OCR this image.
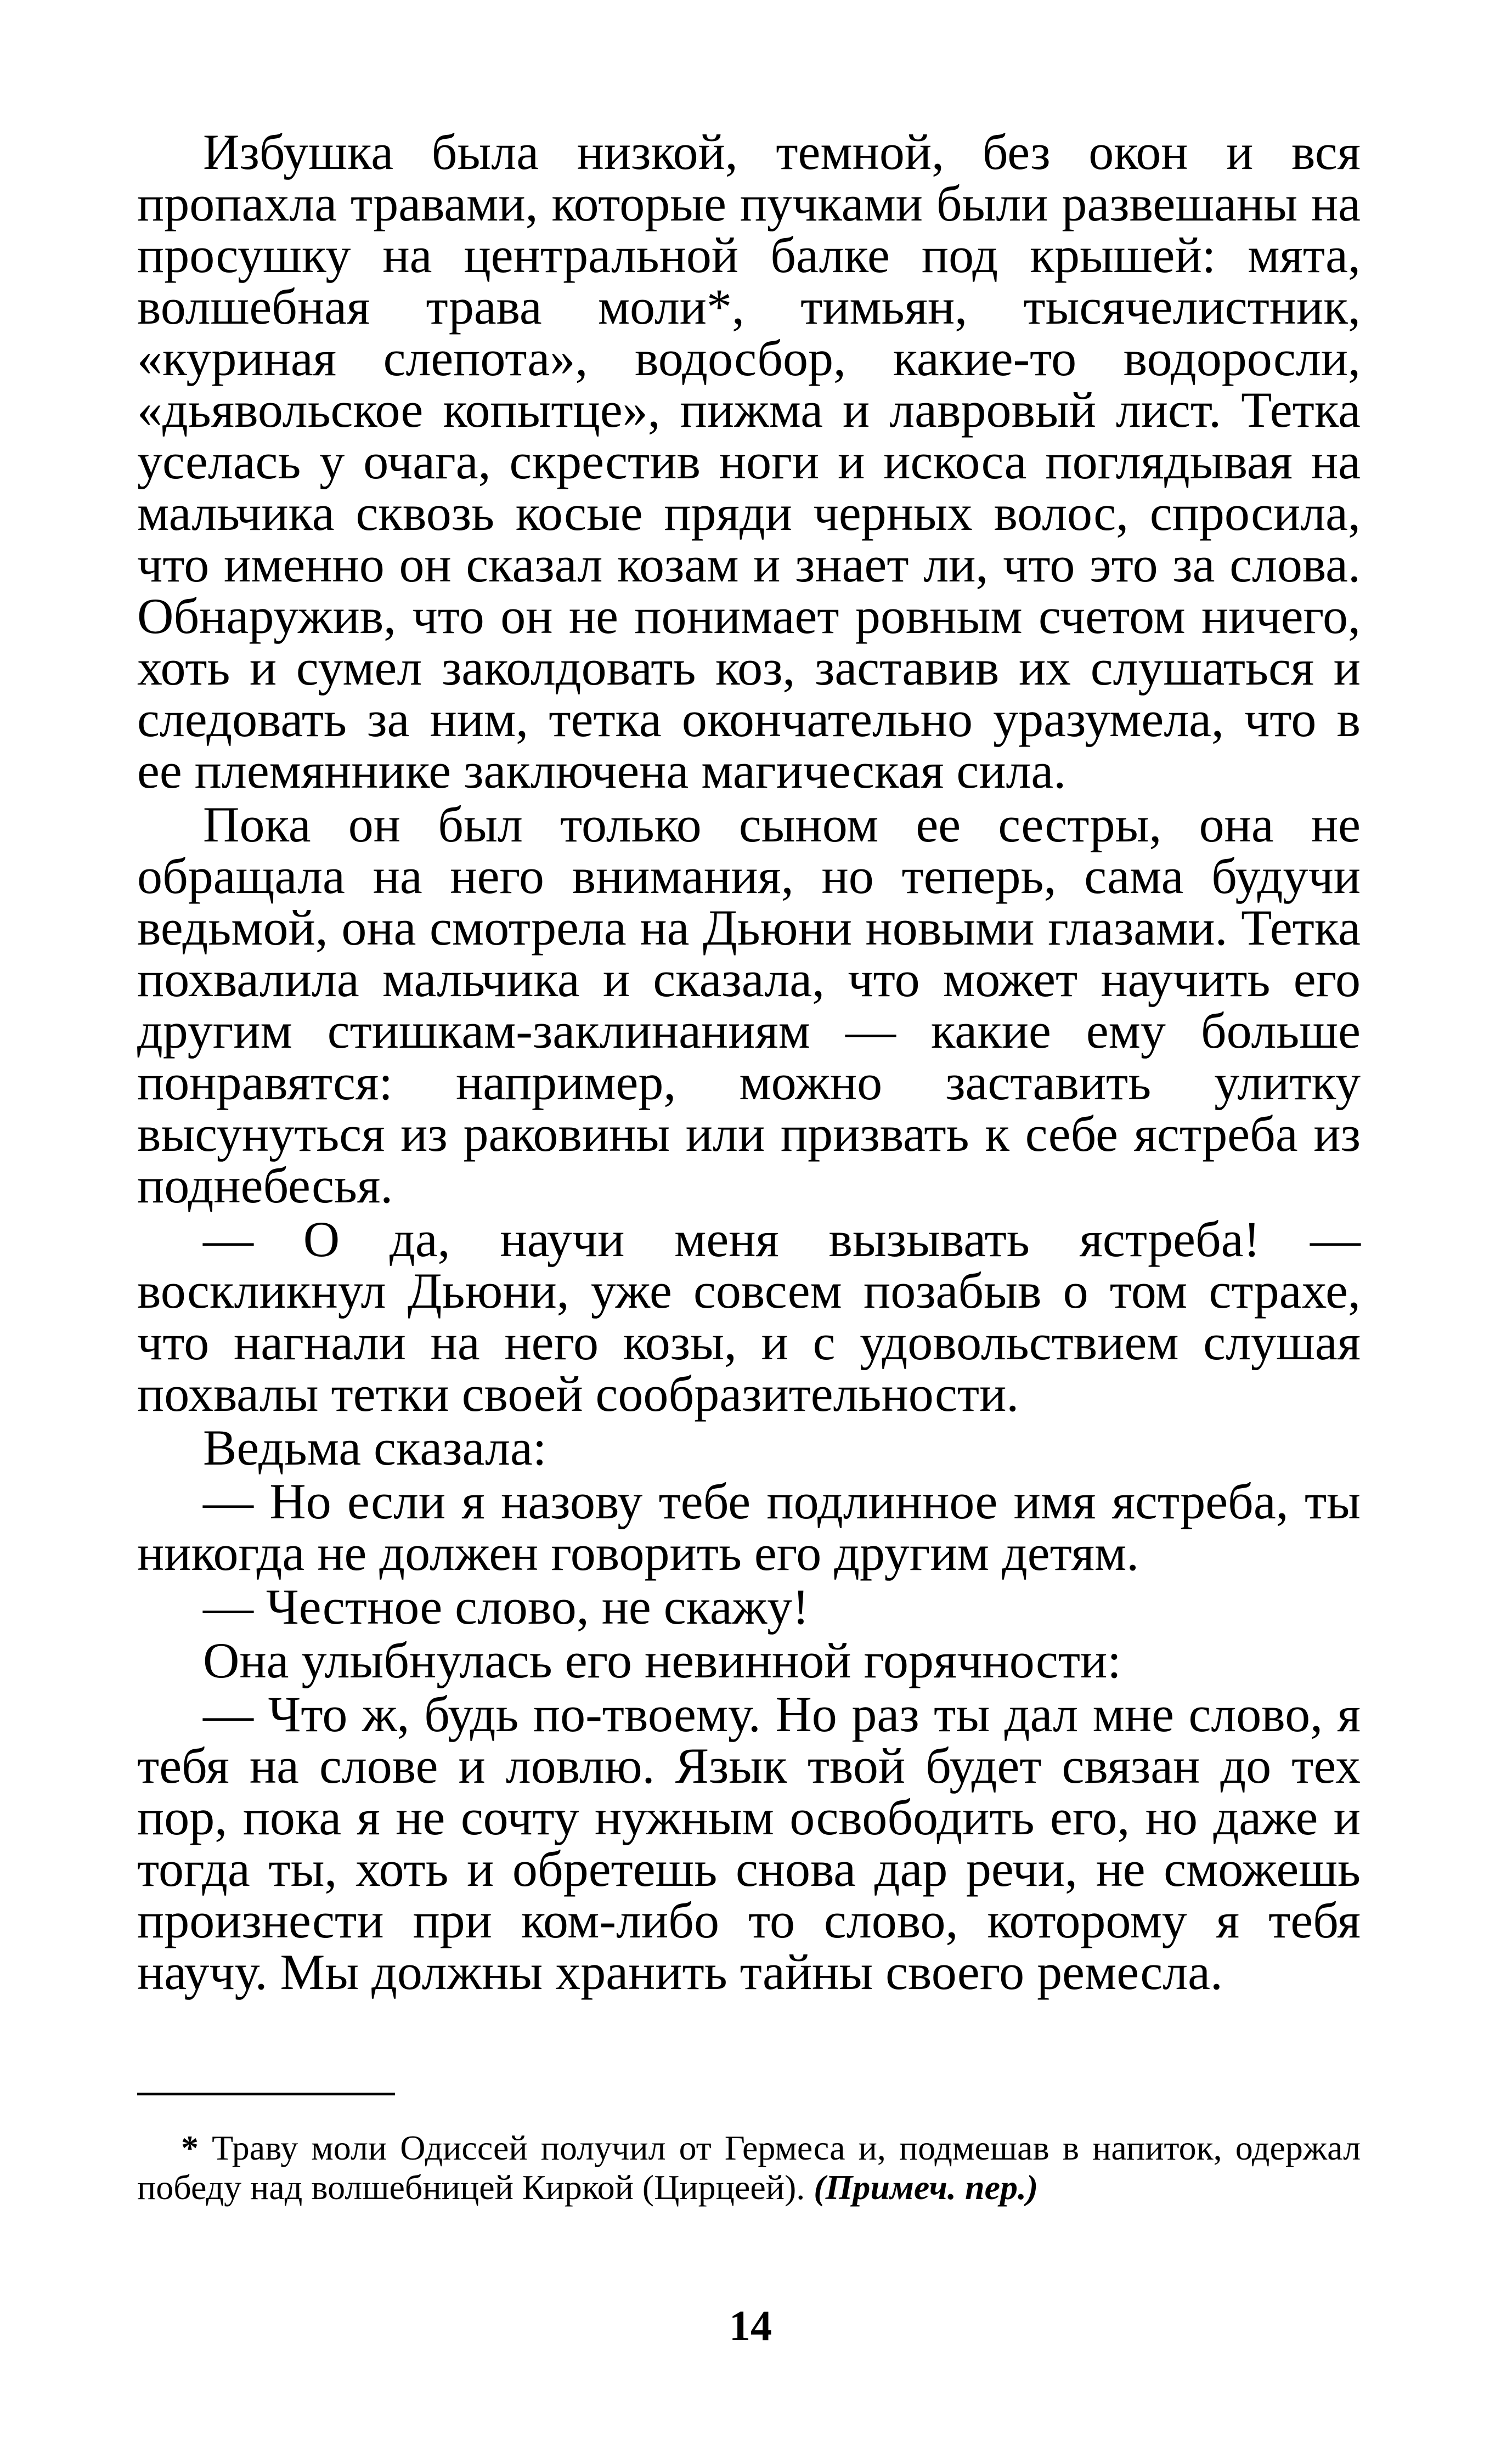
Избушка была низкой, темной, без окон и вся пропахла травами, которые пучками были развешаны на просушку на центральной балке под крышей: мята, волшебная трава моли*, тимьян, тысячелистник, «куриная слепота», водосбор, какие-то водоросли, «дьявольское копытце», пижма и лавровый лист. Тетка уселась у очага, скрестив ноги и искоса поглядывая на мальчика сквозь косые пряди черных волос, спросила, что именно он сказал козам и знает ли, что это за слова. Обнаружив, что он не понимает ровным счетом ничего, хоть и сумел заколдовать коз, заставив их слушаться и следовать за ним, тетка окончательно уразумела, что в ее племяннике заключена магическая сила.

Пока он был только сыном ее сестры, она не обращала на него внимания, но теперь, сама будучи ведьмой, она смотрела на Дьюни новыми глазами. Тетка похвалила мальчика и сказала, что может научить его другим стишкам-заклинаниям — какие ему больше понравятся: например, можно заставить улитку высунуться из раковины или призвать к себе ястреба из поднебесья.

— О да, научи меня вызывать ястреба! — воскликнул Дьюни, уже совсем позабыв о том страхе, что нагнали на него козы, и с удовольствием слушая похвалы тетки своей сообразительности.

Ведьма сказала:

— Но если я назову тебе подлинное имя ястреба, ты никогда не должен говорить его другим детям.

— Честное слово, не скажу!

Она улыбнулась его невинной горячности:

— Что ж, будь по-твоему. Но раз ты дал мне слово, я тебя на слове и ловлю. Язык твой будет связан до тех пор, пока я не сочту нужным освободить его, но даже и тогда ты, хоть и обретешь снова дар речи, не сможешь произнести при ком-либо то слово, которому я тебя научу. Мы должны хранить тайны своего ремесла.

* Траву моли Одиссей получил от Гермеса и, подмешав в напиток, одержал победу над волшебницей Киркой (Цирцеей). (Примеч. пер.)
14
